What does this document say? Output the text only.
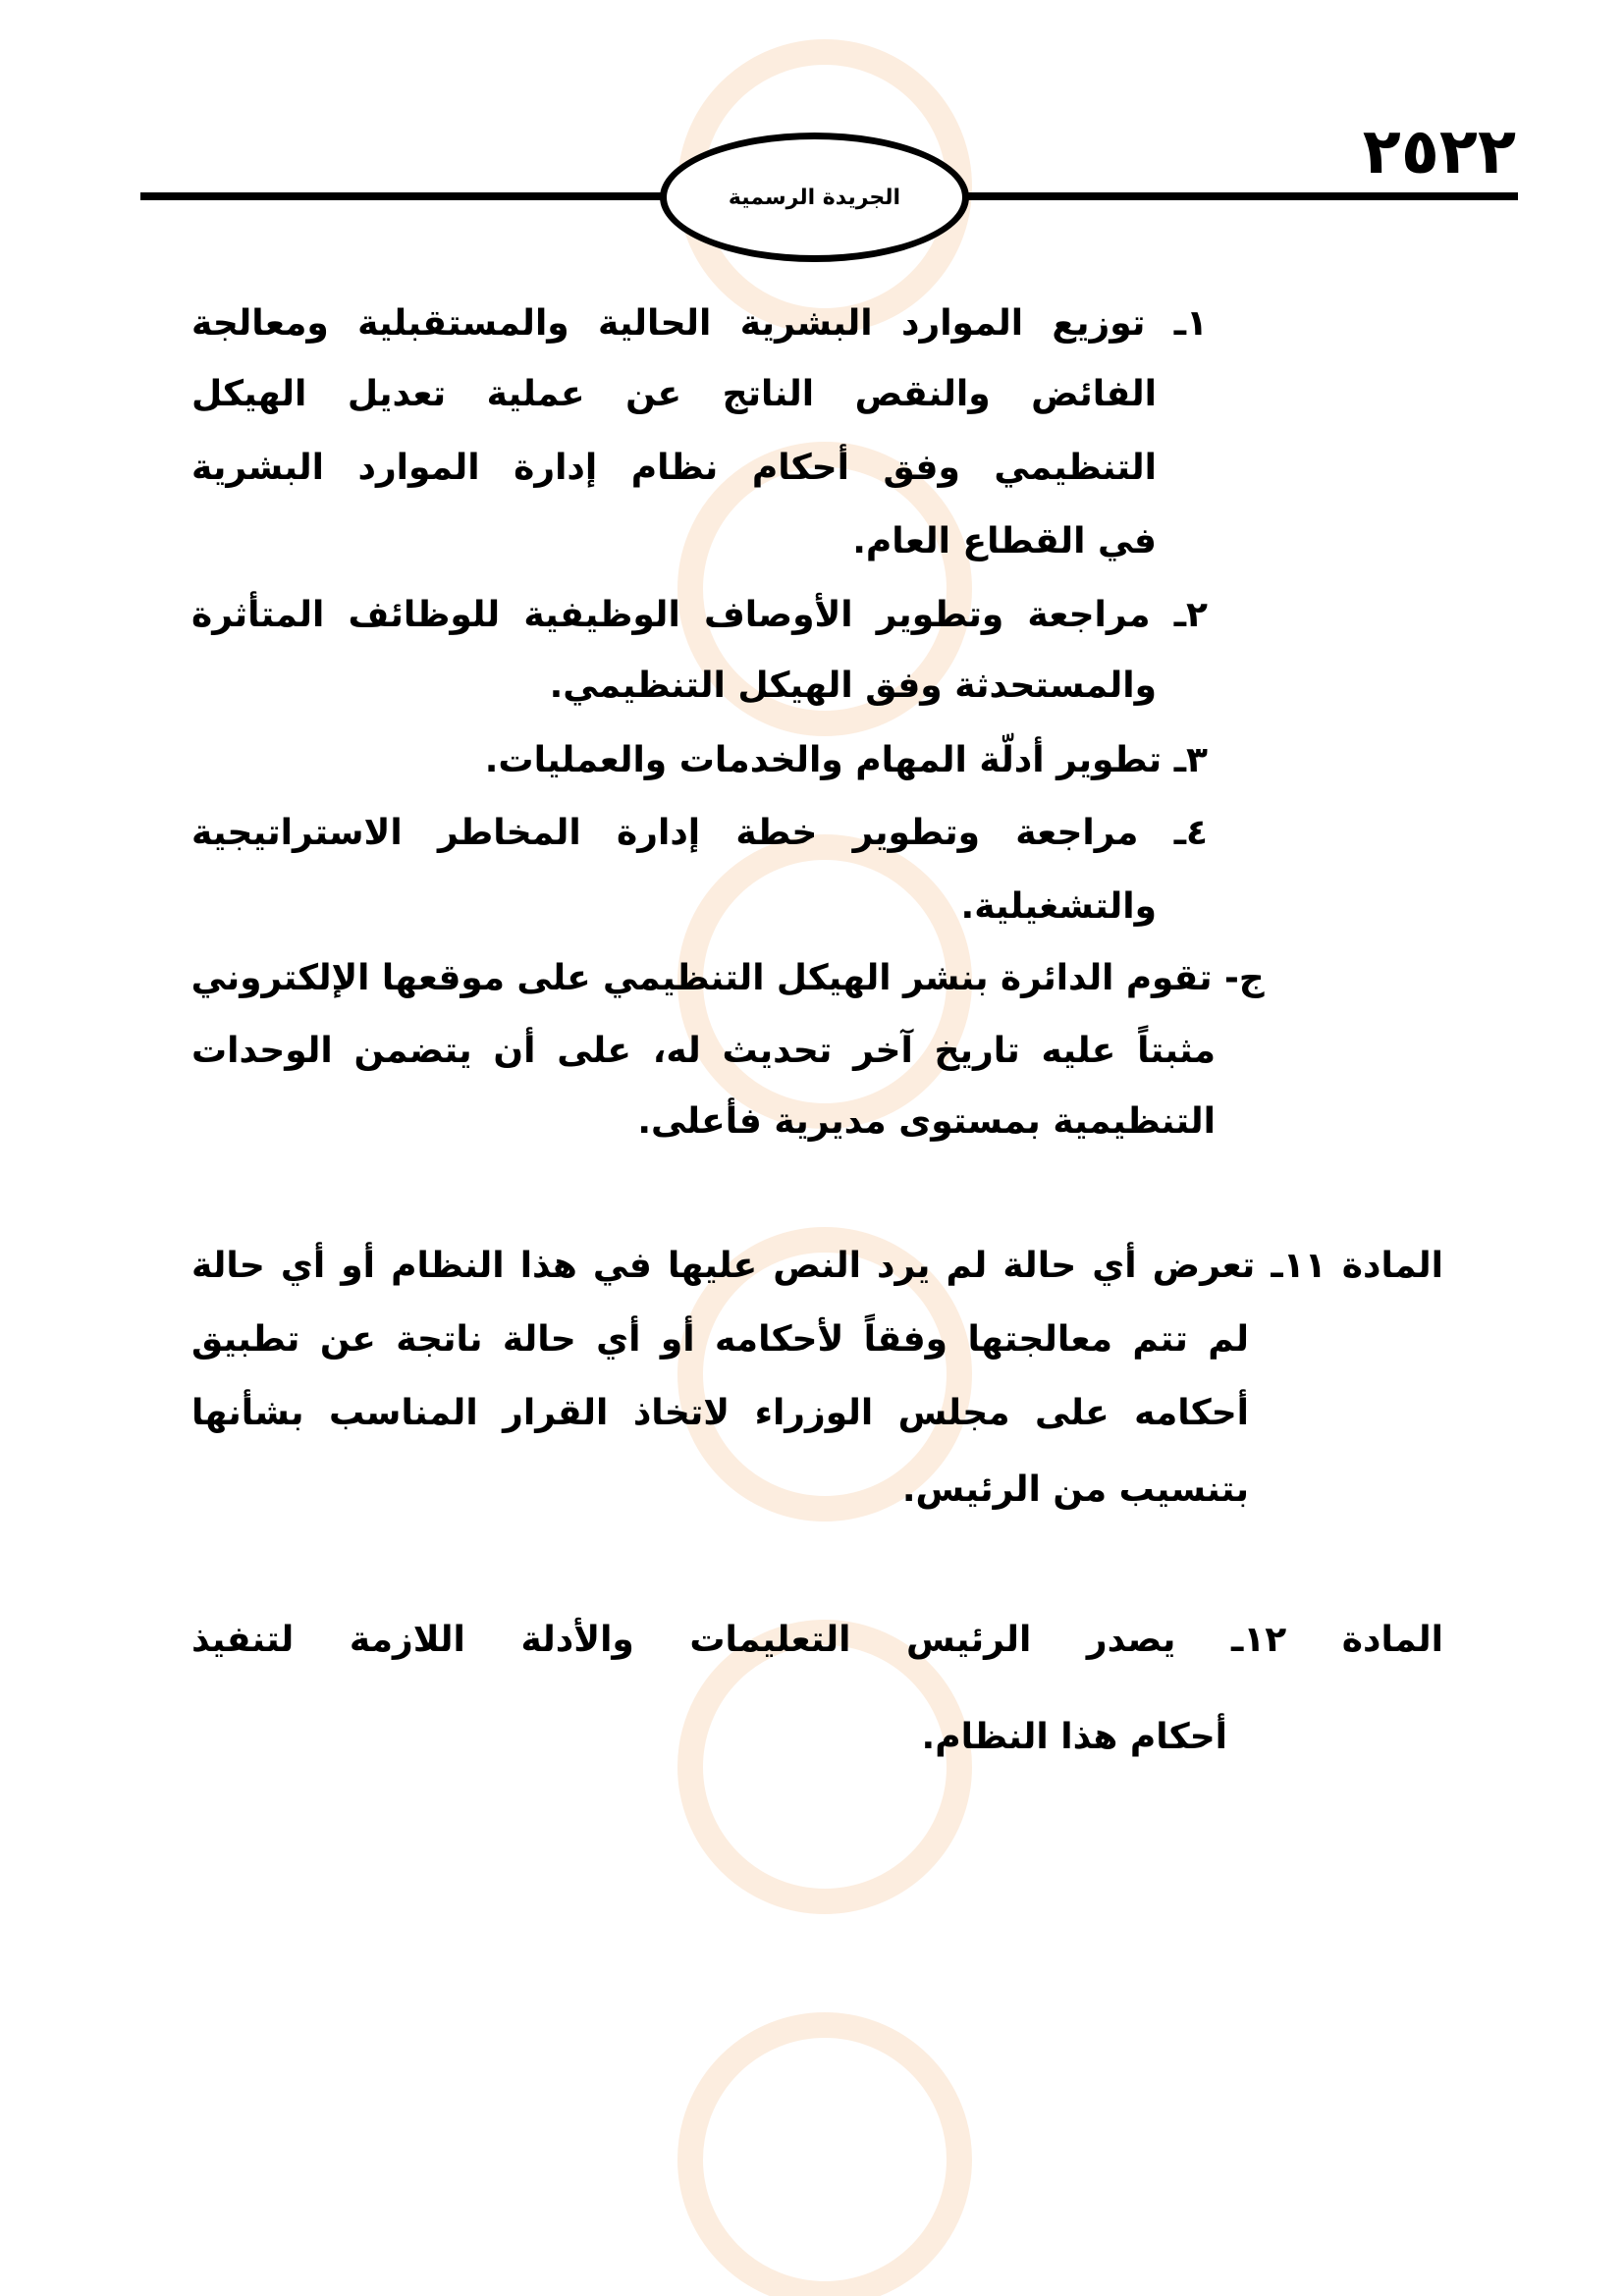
الجريدة الرسمية
٢٥٢٢
١ـ توزيع الموارد البشرية الحالية والمستقبلية ومعالجة
الفائض والنقص الناتج عن عملية تعديل الهيكل
التنظيمي وفق أحكام نظام إدارة الموارد البشرية
في القطاع العام.
٢ـ مراجعة وتطوير الأوصاف الوظيفية للوظائف المتأثرة
والمستحدثة وفق الهيكل التنظيمي.
٣ـ تطوير أدلّة المهام والخدمات والعمليات.
٤ـ مراجعة وتطوير خطة إدارة المخاطر الاستراتيجية
والتشغيلية.
ج- تقوم الدائرة بنشر الهيكل التنظيمي على موقعها الإلكتروني
مثبتاً عليه تاريخ آخر تحديث له، على أن يتضمن الوحدات
التنظيمية بمستوى مديرية فأعلى.
المادة ١١ـ تعرض أي حالة لم يرد النص عليها في هذا النظام أو أي حالة
لم تتم معالجتها وفقاً لأحكامه أو أي حالة ناتجة عن تطبيق
أحكامه على مجلس الوزراء لاتخاذ القرار المناسب بشأنها
بتنسيب من الرئيس.
المادة ١٢ـ يصدر الرئيس التعليمات والأدلة اللازمة لتنفيذ
أحكام هذا النظام.
